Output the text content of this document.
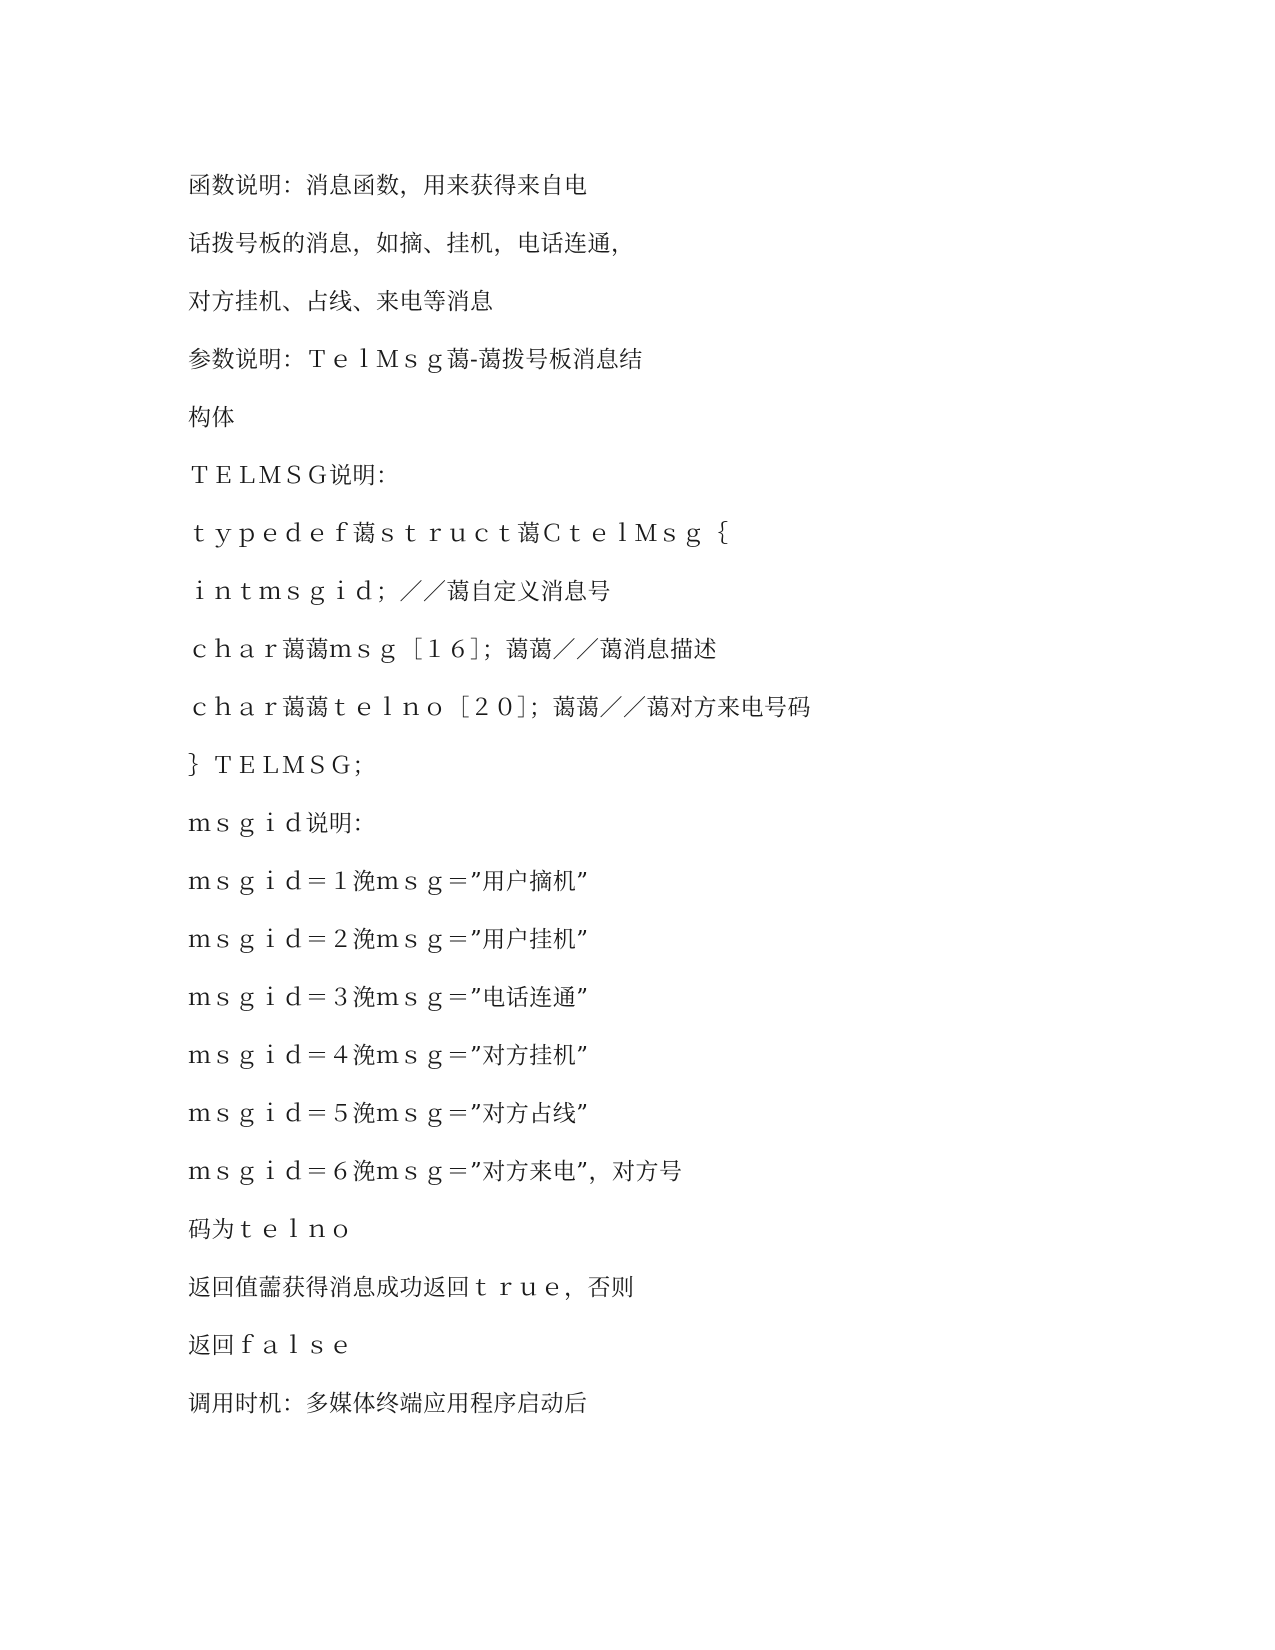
函数说明：消息函数，用来获得来自电
话拨号板的消息，如摘、挂机，电话连通，
对方挂机、占线、来电等消息
参数说明：ＴｅｌＭｓｇ蔼-蔼拨号板消息结
构体
ＴＥＬＭＳＧ说明：
ｔｙｐｅｄｅｆ蔼ｓｔｒｕｃｔ蔼ＣｔｅｌＭｓｇ｛
ｉｎｔｍｓｇｉｄ；／／蔼自定义消息号
ｃｈａｒ蔼蔼ｍｓｇ［１６］；蔼蔼／／蔼消息描述
ｃｈａｒ蔼蔼ｔｅｌｎｏ［２０］；蔼蔼／／蔼对方来电号码
｝ＴＥＬＭＳＧ；
ｍｓｇｉｄ说明：
ｍｓｇｉｄ＝１浼ｍｓｇ＝”用户摘机”
ｍｓｇｉｄ＝２浼ｍｓｇ＝”用户挂机”
ｍｓｇｉｄ＝３浼ｍｓｇ＝”电话连通”
ｍｓｇｉｄ＝４浼ｍｓｇ＝”对方挂机”
ｍｓｇｉｄ＝５浼ｍｓｇ＝”对方占线”
ｍｓｇｉｄ＝６浼ｍｓｇ＝”对方来电”，对方号
码为ｔｅｌｎｏ
返回值蘦获得消息成功返回ｔｒｕｅ，否则
返回ｆａｌｓｅ
调用时机：多媒体终端应用程序启动后
